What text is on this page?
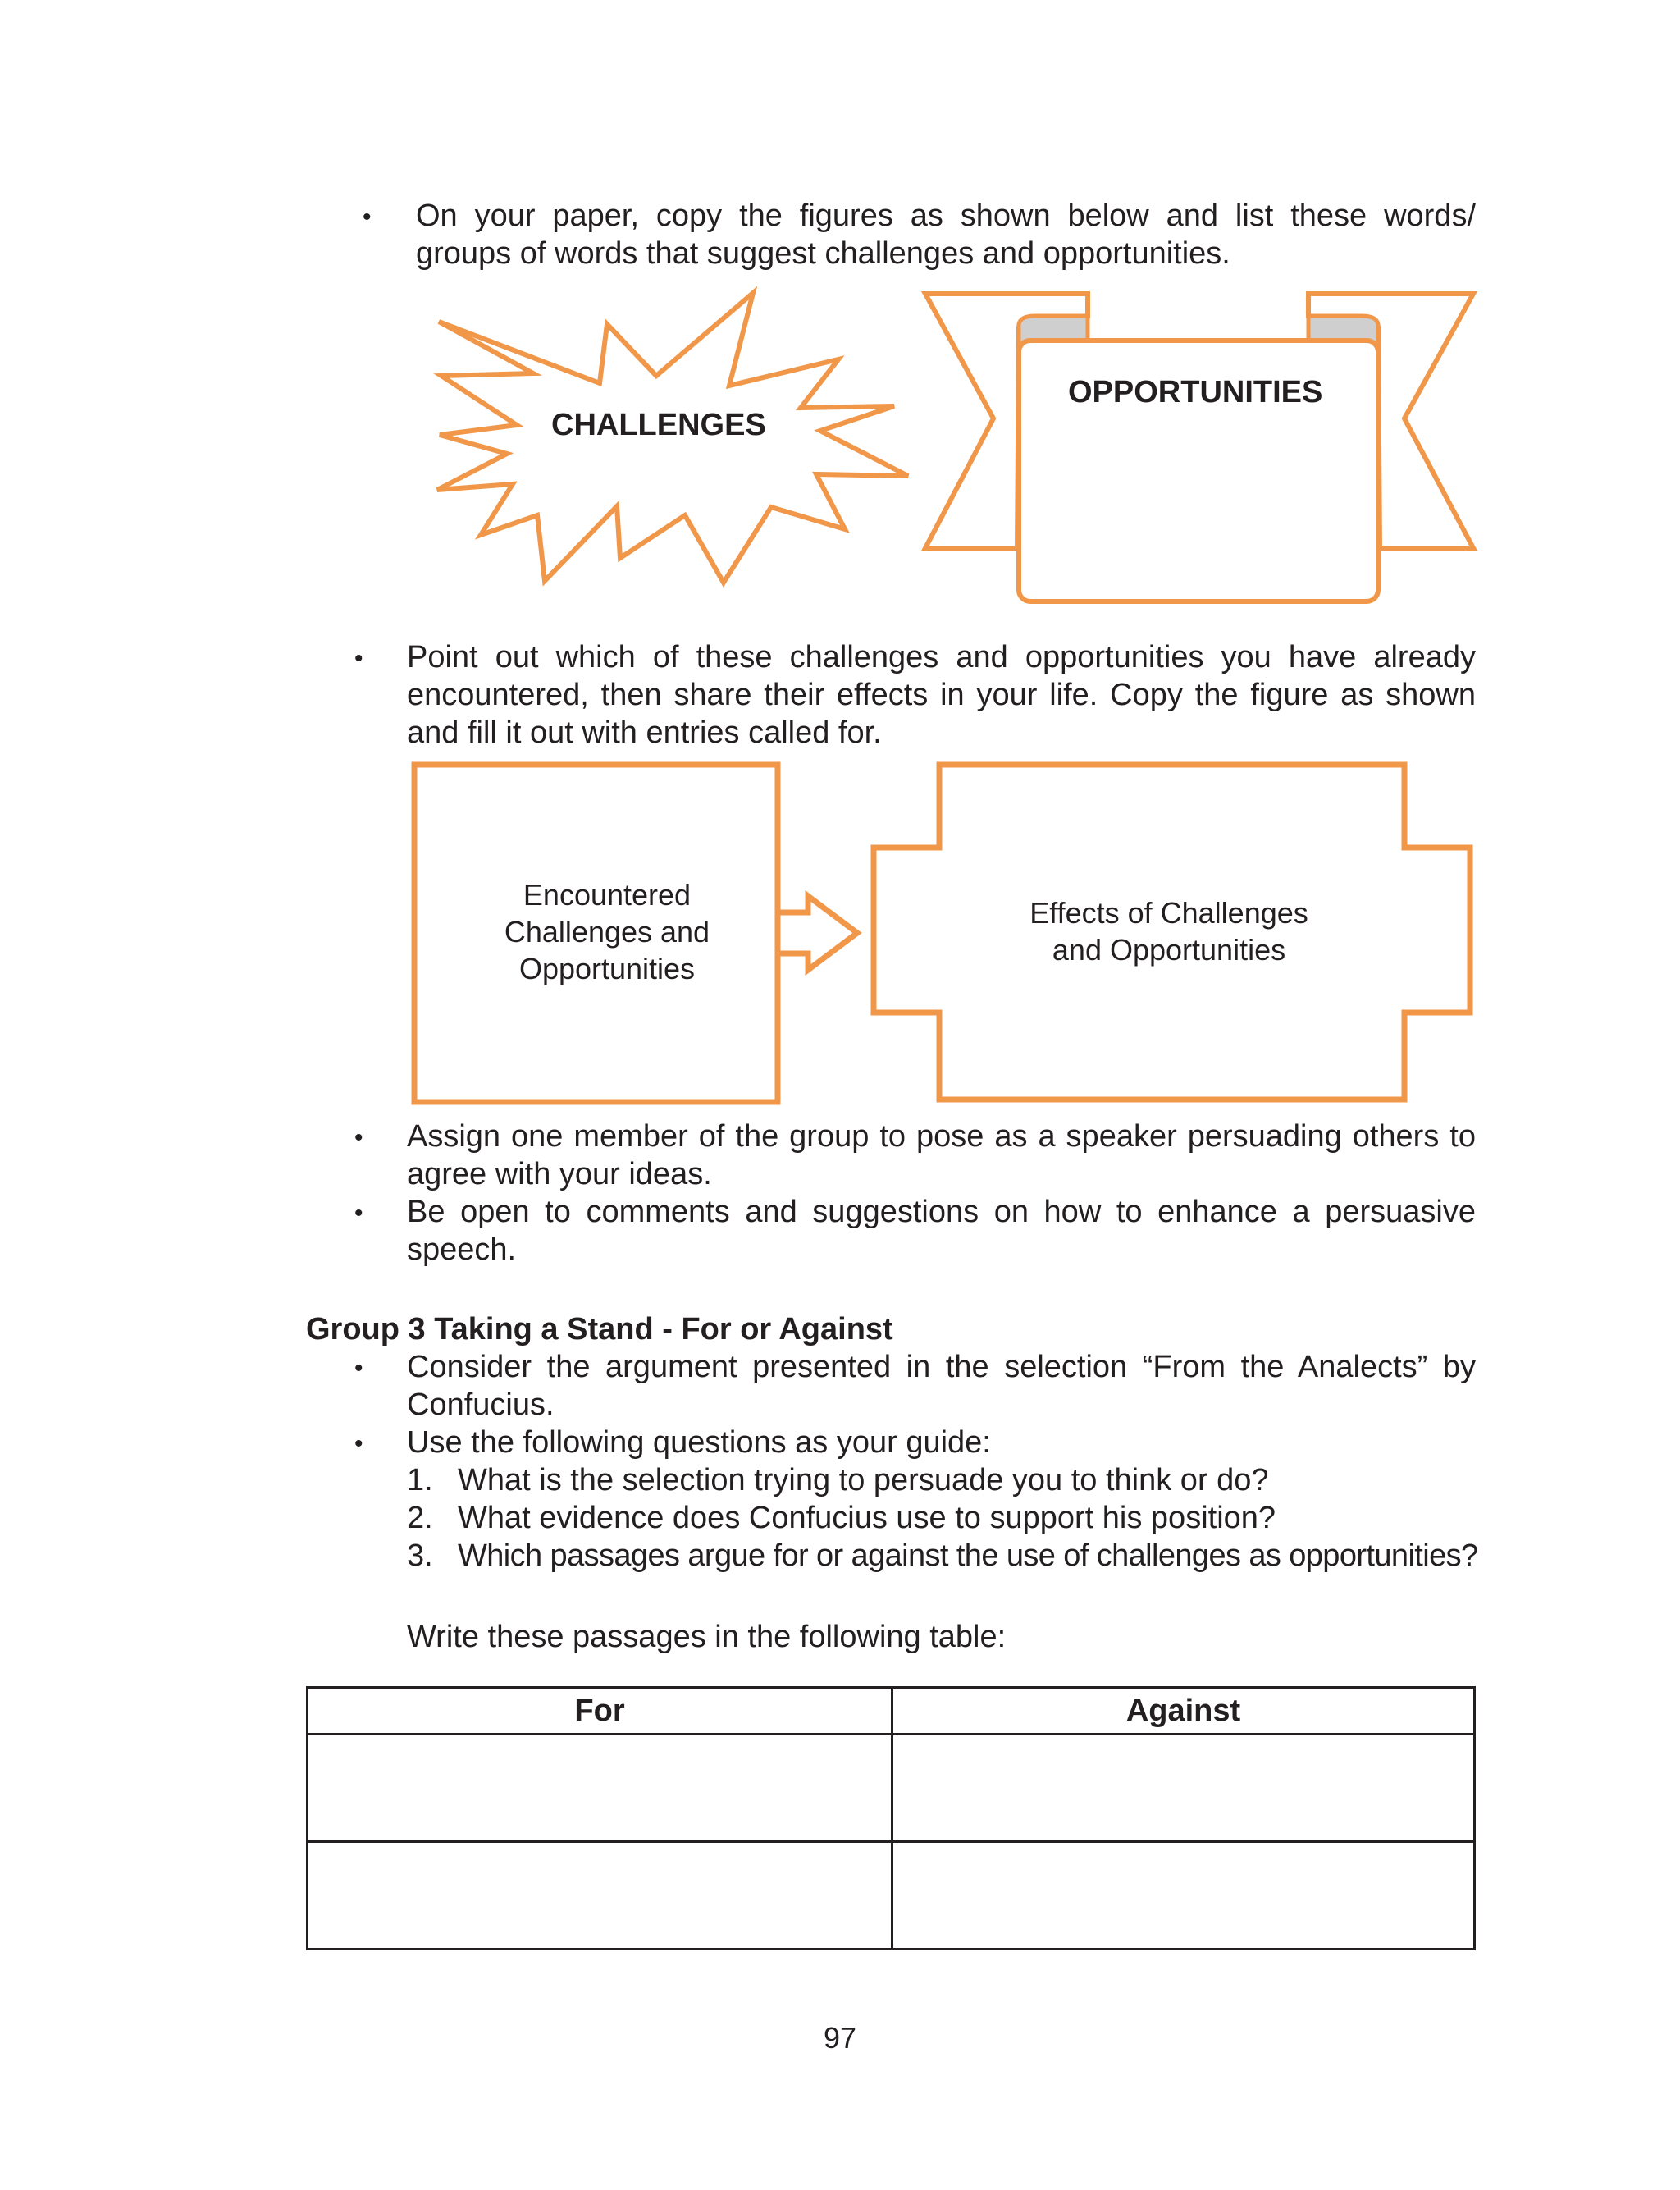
• On your paper, copy the figures as shown below and list these words/ groups of words that suggest challenges and opportunities.
CHALLENGES
OPPORTUNITIES
• Point out which of these challenges and opportunities you have already encountered, then share their effects in your life. Copy the figure as shown and fill it out with entries called for.
Encountered Challenges and Opportunities
Effects of Challenges and Opportunities
• Assign one member of the group to pose as a speaker persuading others to agree with your ideas.
• Be open to comments and suggestions on how to enhance a persuasive speech.
Group 3 Taking a Stand - For or Against
• Consider the argument presented in the selection “From the Analects” by Confucius.
• Use the following questions as your guide:
1. What is the selection trying to persuade you to think or do?
2. What evidence does Confucius use to support his position?
3. Which passages argue for or against the use of challenges as opportunities?
Write these passages in the following table:
For	Against

97
